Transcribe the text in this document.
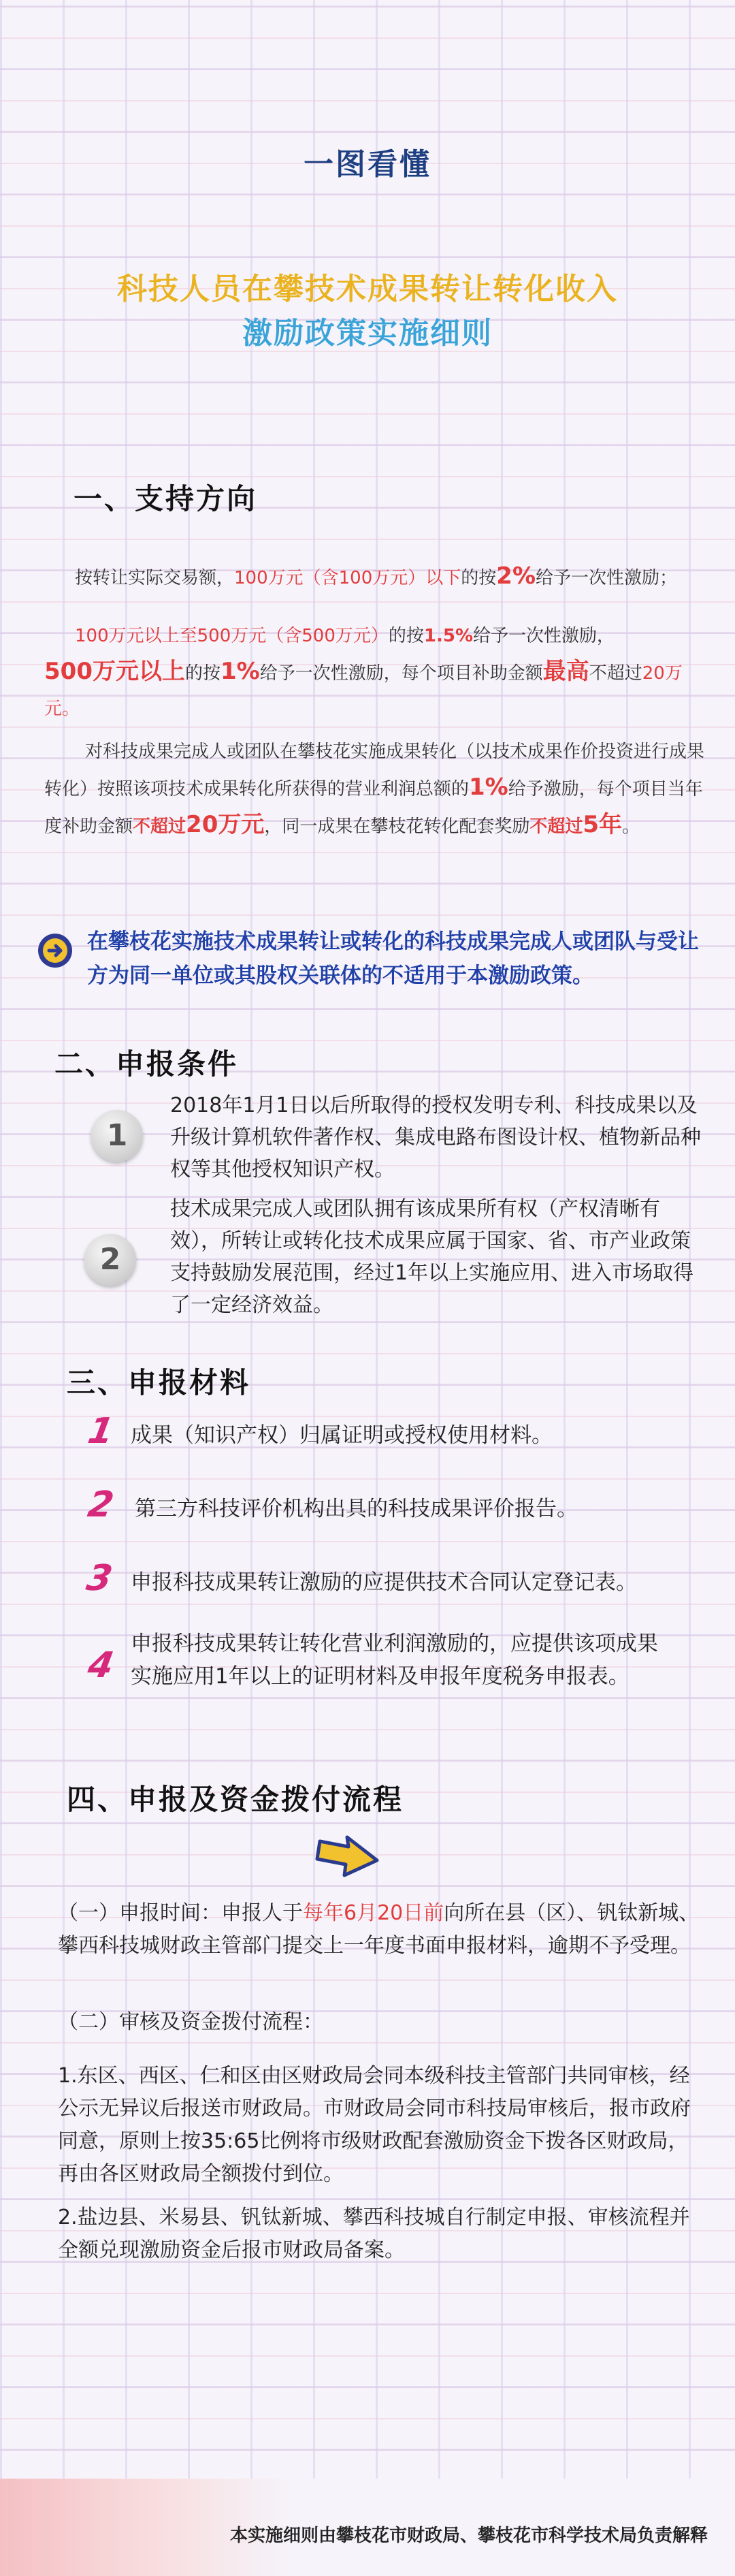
一图看懂
科技人员在攀技术成果转让转化收入
激励政策实施细则
一、支持方向
按转让实际交易额，100万元（含100万元）以下的按2%给予一次性激励；
100万元以上至500万元（含500万元）的按1.5%给予一次性激励，
500万元以上的按1%给予一次性激励，每个项目补助金额最高不超过20万元。
对科技成果完成人或团队在攀枝花实施成果转化（以技术成果作价投资进行成果转化）按照该项技术成果转化所获得的营业利润总额的1%给予激励，每个项目当年度补助金额不超过20万元，同一成果在攀枝花转化配套奖励不超过5年。
在攀枝花实施技术成果转让或转化的科技成果完成人或团队与受让方为同一单位或其股权关联体的不适用于本激励政策。
二、申报条件
1
2018年1月1日以后所取得的授权发明专利、科技成果以及升级计算机软件著作权、集成电路布图设计权、植物新品种权等其他授权知识产权。
2
技术成果完成人或团队拥有该成果所有权（产权清晰有效），所转让或转化技术成果应属于国家、省、市产业政策支持鼓励发展范围，经过1年以上实施应用、进入市场取得了一定经济效益。
三、申报材料
1 成果（知识产权）归属证明或授权使用材料。
2 第三方科技评价机构出具的科技成果评价报告。
3 申报科技成果转让激励的应提供技术合同认定登记表。
4
申报科技成果转让转化营业利润激励的，应提供该项成果实施应用1年以上的证明材料及申报年度税务申报表。
四、申报及资金拨付流程
（一）申报时间：申报人于每年6月20日前向所在县（区）、钒钛新城、攀西科技城财政主管部门提交上一年度书面申报材料，逾期不予受理。
（二）审核及资金拨付流程：
1.东区、西区、仁和区由区财政局会同本级科技主管部门共同审核，经公示无异议后报送市财政局。市财政局会同市科技局审核后，报市政府同意，原则上按35:65比例将市级财政配套激励资金下拨各区财政局，再由各区财政局全额拨付到位。
2.盐边县、米易县、钒钛新城、攀西科技城自行制定申报、审核流程并全额兑现激励资金后报市财政局备案。
本实施细则由攀枝花市财政局、攀枝花市科学技术局负责解释
